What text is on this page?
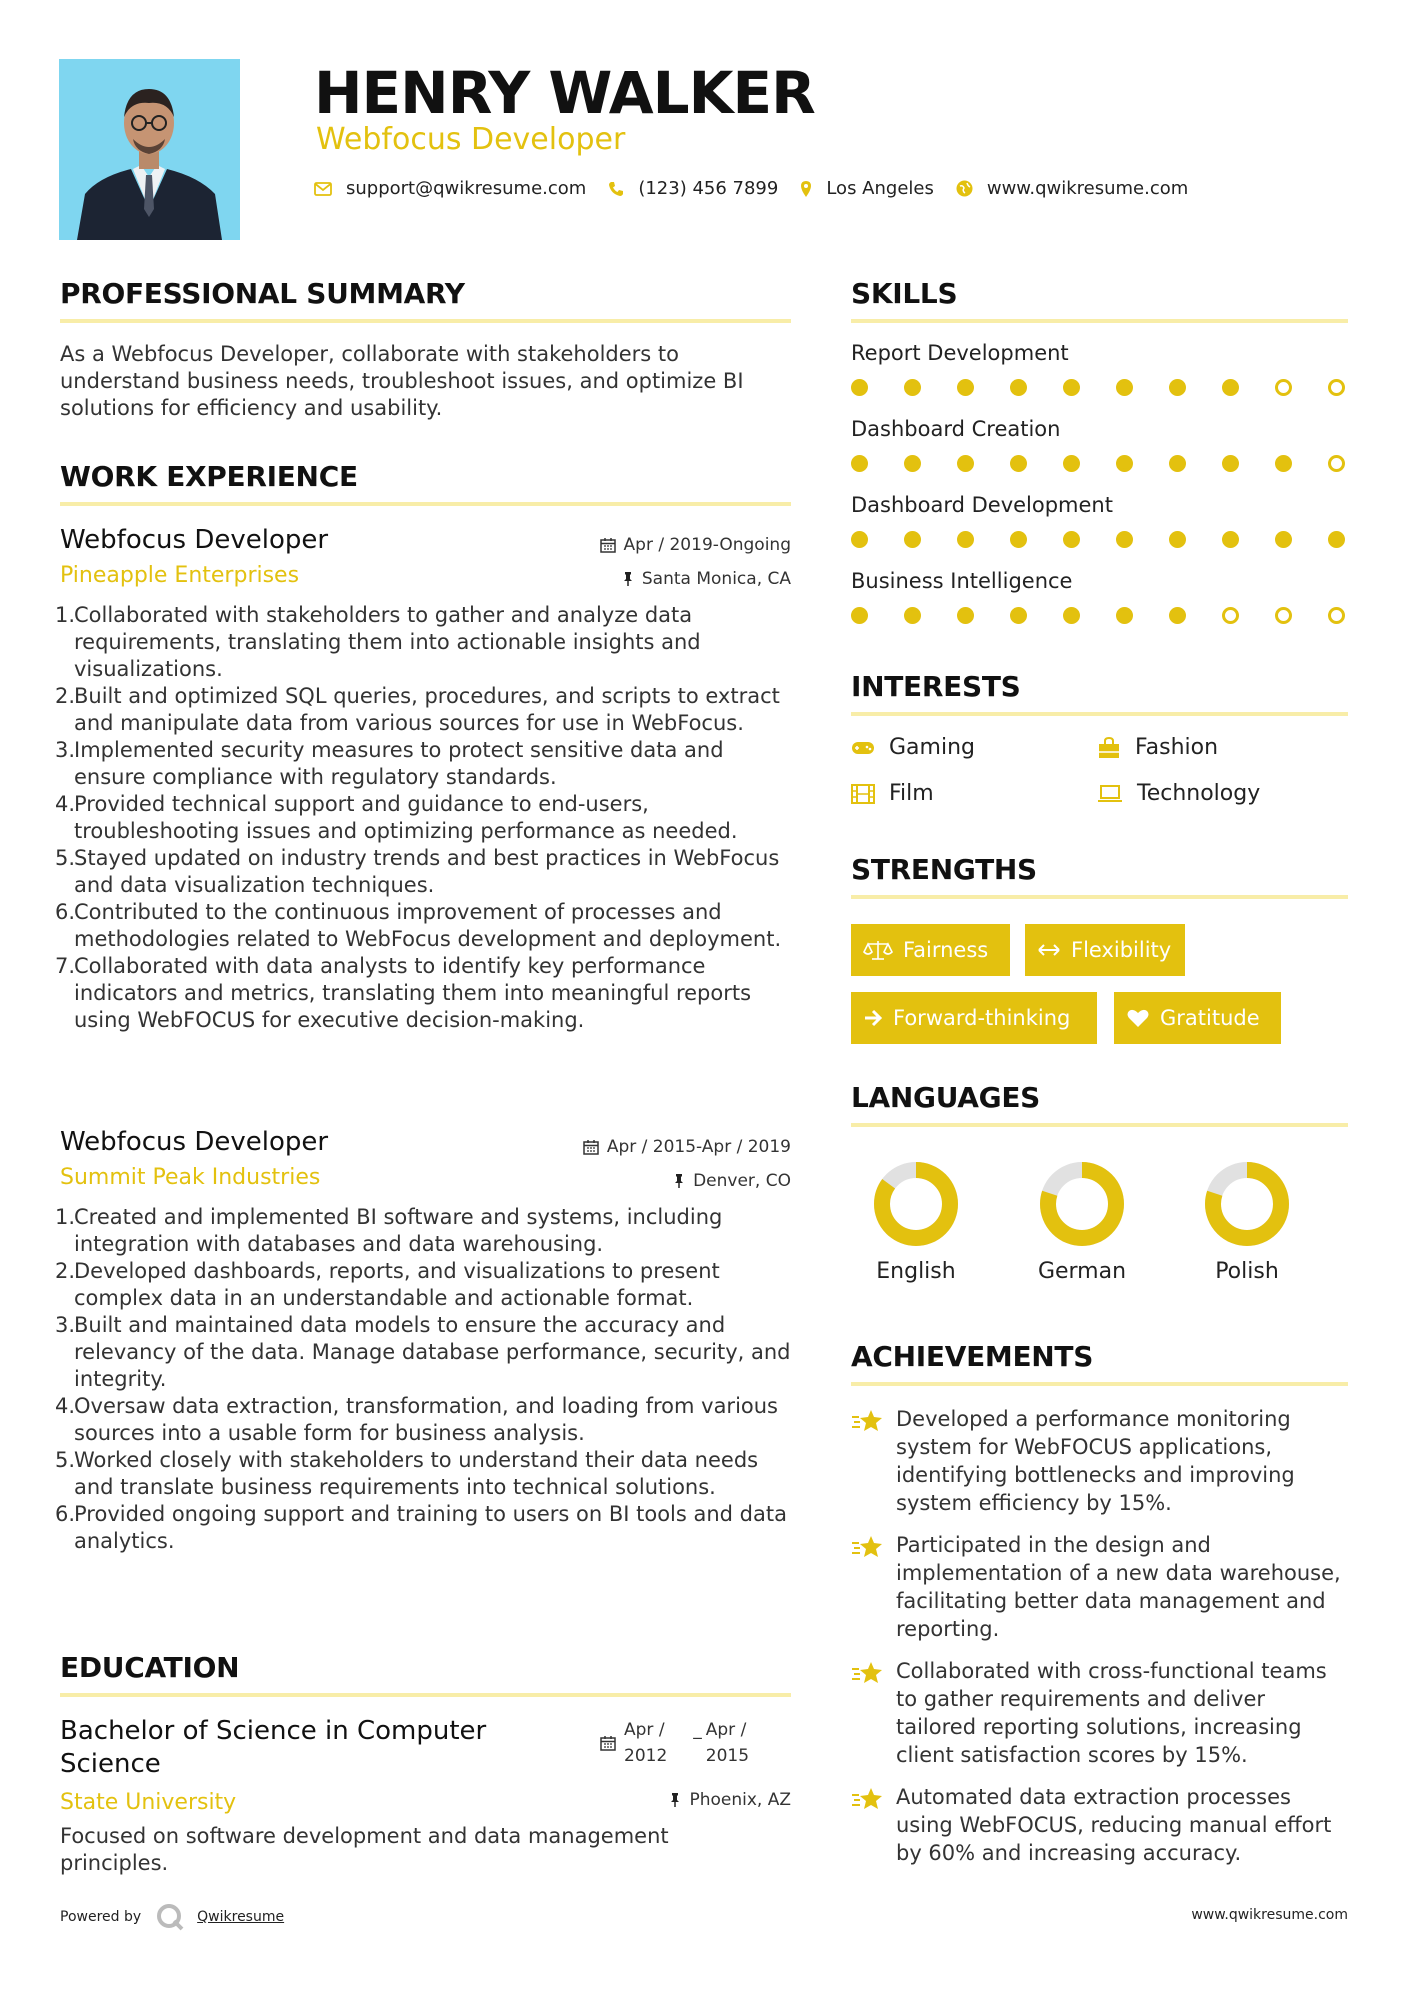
HENRY WALKER
Webfocus Developer
support@qwikresume.com	(123) 456 7899	Los Angeles	www.qwikresume.com
PROFESSIONAL SUMMARY
As a Webfocus Developer, collaborate with stakeholders to understand business needs, troubleshoot issues, and optimize BI solutions for efficiency and usability.
WORK EXPERIENCE
Webfocus Developer
Pineapple Enterprises
Apr / 2019-Ongoing
Santa Monica, CA
1.
Collaborated with stakeholders to gather and analyze data requirements, translating them into actionable insights and visualizations.
2.
Built and optimized SQL queries, procedures, and scripts to extract and manipulate data from various sources for use in WebFocus.
3.
Implemented security measures to protect sensitive data and ensure compliance with regulatory standards.
4.
Provided technical support and guidance to end-users, troubleshooting issues and optimizing performance as needed.
5.
Stayed updated on industry trends and best practices in WebFocus and data visualization techniques.
6.
Contributed to the continuous improvement of processes and methodologies related to WebFocus development and deployment.
7.
Collaborated with data analysts to identify key performance indicators and metrics, translating them into meaningful reports using WebFOCUS for executive decision-making.
Webfocus Developer
Summit Peak Industries
Apr / 2015-Apr / 2019
Denver, CO
1.
Created and implemented BI software and systems, including integration with databases and data warehousing.
2.
Developed dashboards, reports, and visualizations to present complex data in an understandable and actionable format.
3.
Built and maintained data models to ensure the accuracy and relevancy of the data. Manage database performance, security, and integrity.
4.
Oversaw data extraction, transformation, and loading from various sources into a usable form for business analysis.
5.
Worked closely with stakeholders to understand their data needs and translate business requirements into technical solutions.
6.
Provided ongoing support and training to users on BI tools and data analytics.
EDUCATION
Bachelor of Science in Computer
Science
Apr /
2012
_ Apr /
2015
State University	Phoenix, AZ
Focused on software development and data management principles.
Powered by	Qwikresume	www.qwikresume.com
SKILLS
Report Development
Dashboard Creation
Dashboard Development
Business Intelligence
INTERESTS
Gaming	Fashion
Film	Technology
STRENGTHS
Fairness	Flexibility
Forward-thinking	Gratitude
LANGUAGES
English	German	Polish
ACHIEVEMENTS
Developed a performance monitoring system for WebFOCUS applications, identifying bottlenecks and improving system efficiency by 15%.
Participated in the design and implementation of a new data warehouse, facilitating better data management and reporting.
Collaborated with cross-functional teams to gather requirements and deliver tailored reporting solutions, increasing client satisfaction scores by 15%.
Automated data extraction processes using WebFOCUS, reducing manual effort by 60% and increasing accuracy.
